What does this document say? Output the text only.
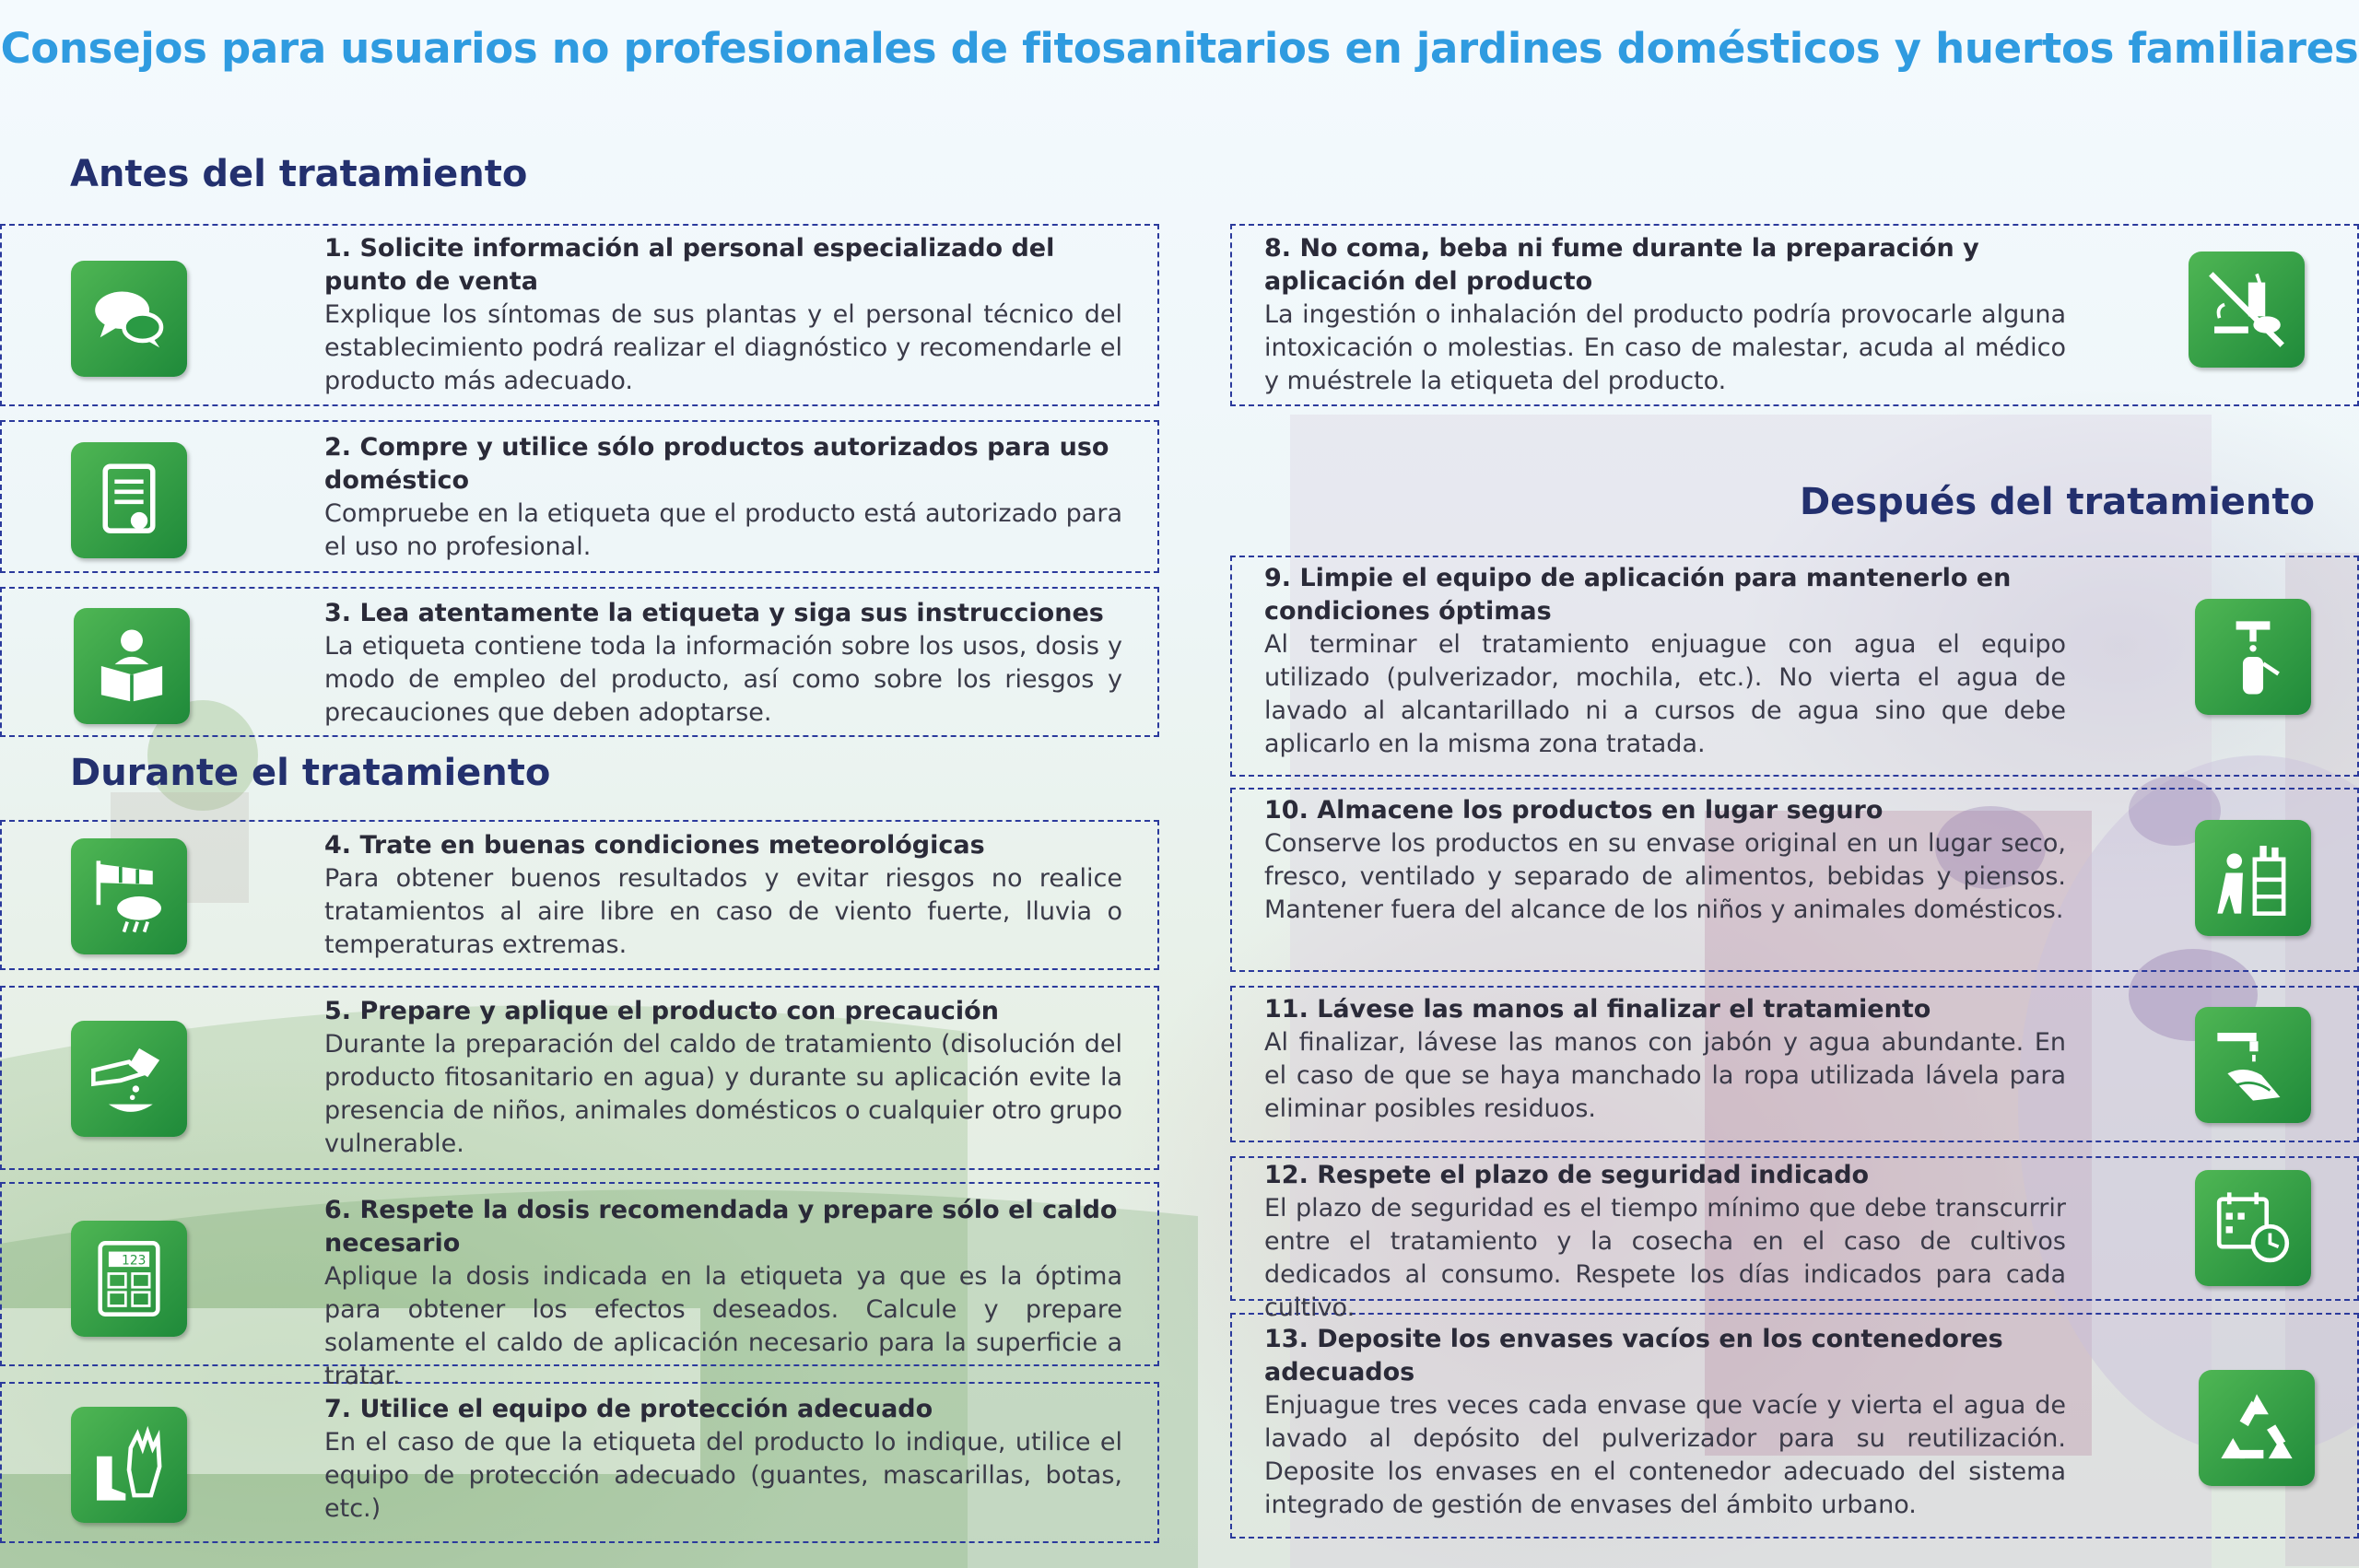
Consejos para usuarios no profesionales de fitosanitarios en jardines domésticos y huertos familiares
Antes del tratamiento
Durante el tratamiento
Después del tratamiento
1. Solicite información al personal especializado del punto de venta
Explique los síntomas de sus plantas y el personal técnico del establecimiento podrá realizar el diagnóstico y recomendarle el producto más adecuado.
2. Compre y utilice sólo productos autorizados para uso doméstico
Compruebe en la etiqueta que el producto está autorizado para el uso no profesional.
3. Lea atentamente la etiqueta y siga sus instrucciones
La etiqueta contiene toda la información sobre los usos, dosis y modo de empleo del producto, así como sobre los riesgos y precauciones que deben adoptarse.
4. Trate en buenas condiciones meteorológicas
Para obtener buenos resultados y evitar riesgos no realice tratamientos al aire libre en caso de viento fuerte, lluvia o temperaturas extremas.
5. Prepare y aplique el producto con precaución
Durante la preparación del caldo de tratamiento (disolución del producto fitosanitario en agua) y durante su aplicación evite la presencia de niños, animales domésticos o cualquier otro grupo vulnerable.
6. Respete la dosis recomendada y prepare sólo el caldo necesario
Aplique la dosis indicada en la etiqueta ya que es la óptima para obtener los efectos deseados. Calcule y prepare solamente el caldo de aplicación necesario para la superficie a tratar.
7. Utilice el equipo de protección adecuado
En el caso de que la etiqueta del producto lo indique, utilice el equipo de protección adecuado (guantes, mascarillas, botas, etc.)
8. No coma, beba ni fume durante la preparación y aplicación del producto
La ingestión o inhalación del producto podría provocarle alguna intoxicación o molestias. En caso de malestar, acuda al médico y muéstrele la etiqueta del producto.
9. Limpie el equipo de aplicación para mantenerlo en condiciones óptimas
Al terminar el tratamiento enjuague con agua el equipo utilizado (pulverizador, mochila, etc.). No vierta el agua de lavado al alcantarillado ni a cursos de agua sino que debe aplicarlo en la misma zona tratada.
10. Almacene los productos en lugar seguro
Conserve los productos en su envase original en un lugar seco, fresco, ventilado y separado de alimentos, bebidas y piensos. Mantener fuera del alcance de los niños y animales domésticos.
11. Lávese las manos al finalizar el tratamiento
Al finalizar, lávese las manos con jabón y agua abundante. En el caso de que se haya manchado la ropa utilizada lávela para eliminar posibles residuos.
12. Respete el plazo de seguridad indicado
El plazo de seguridad es el tiempo mínimo que debe transcurrir entre el tratamiento y la cosecha en el caso de cultivos dedicados al consumo. Respete los días indicados para cada cultivo.
13. Deposite los envases vacíos en los contenedores adecuados
Enjuague tres veces cada envase que vacíe y vierta el agua de lavado al depósito del pulverizador para su reutilización. Deposite los envases en el contenedor adecuado del sistema integrado de gestión de envases del ámbito urbano.
123
